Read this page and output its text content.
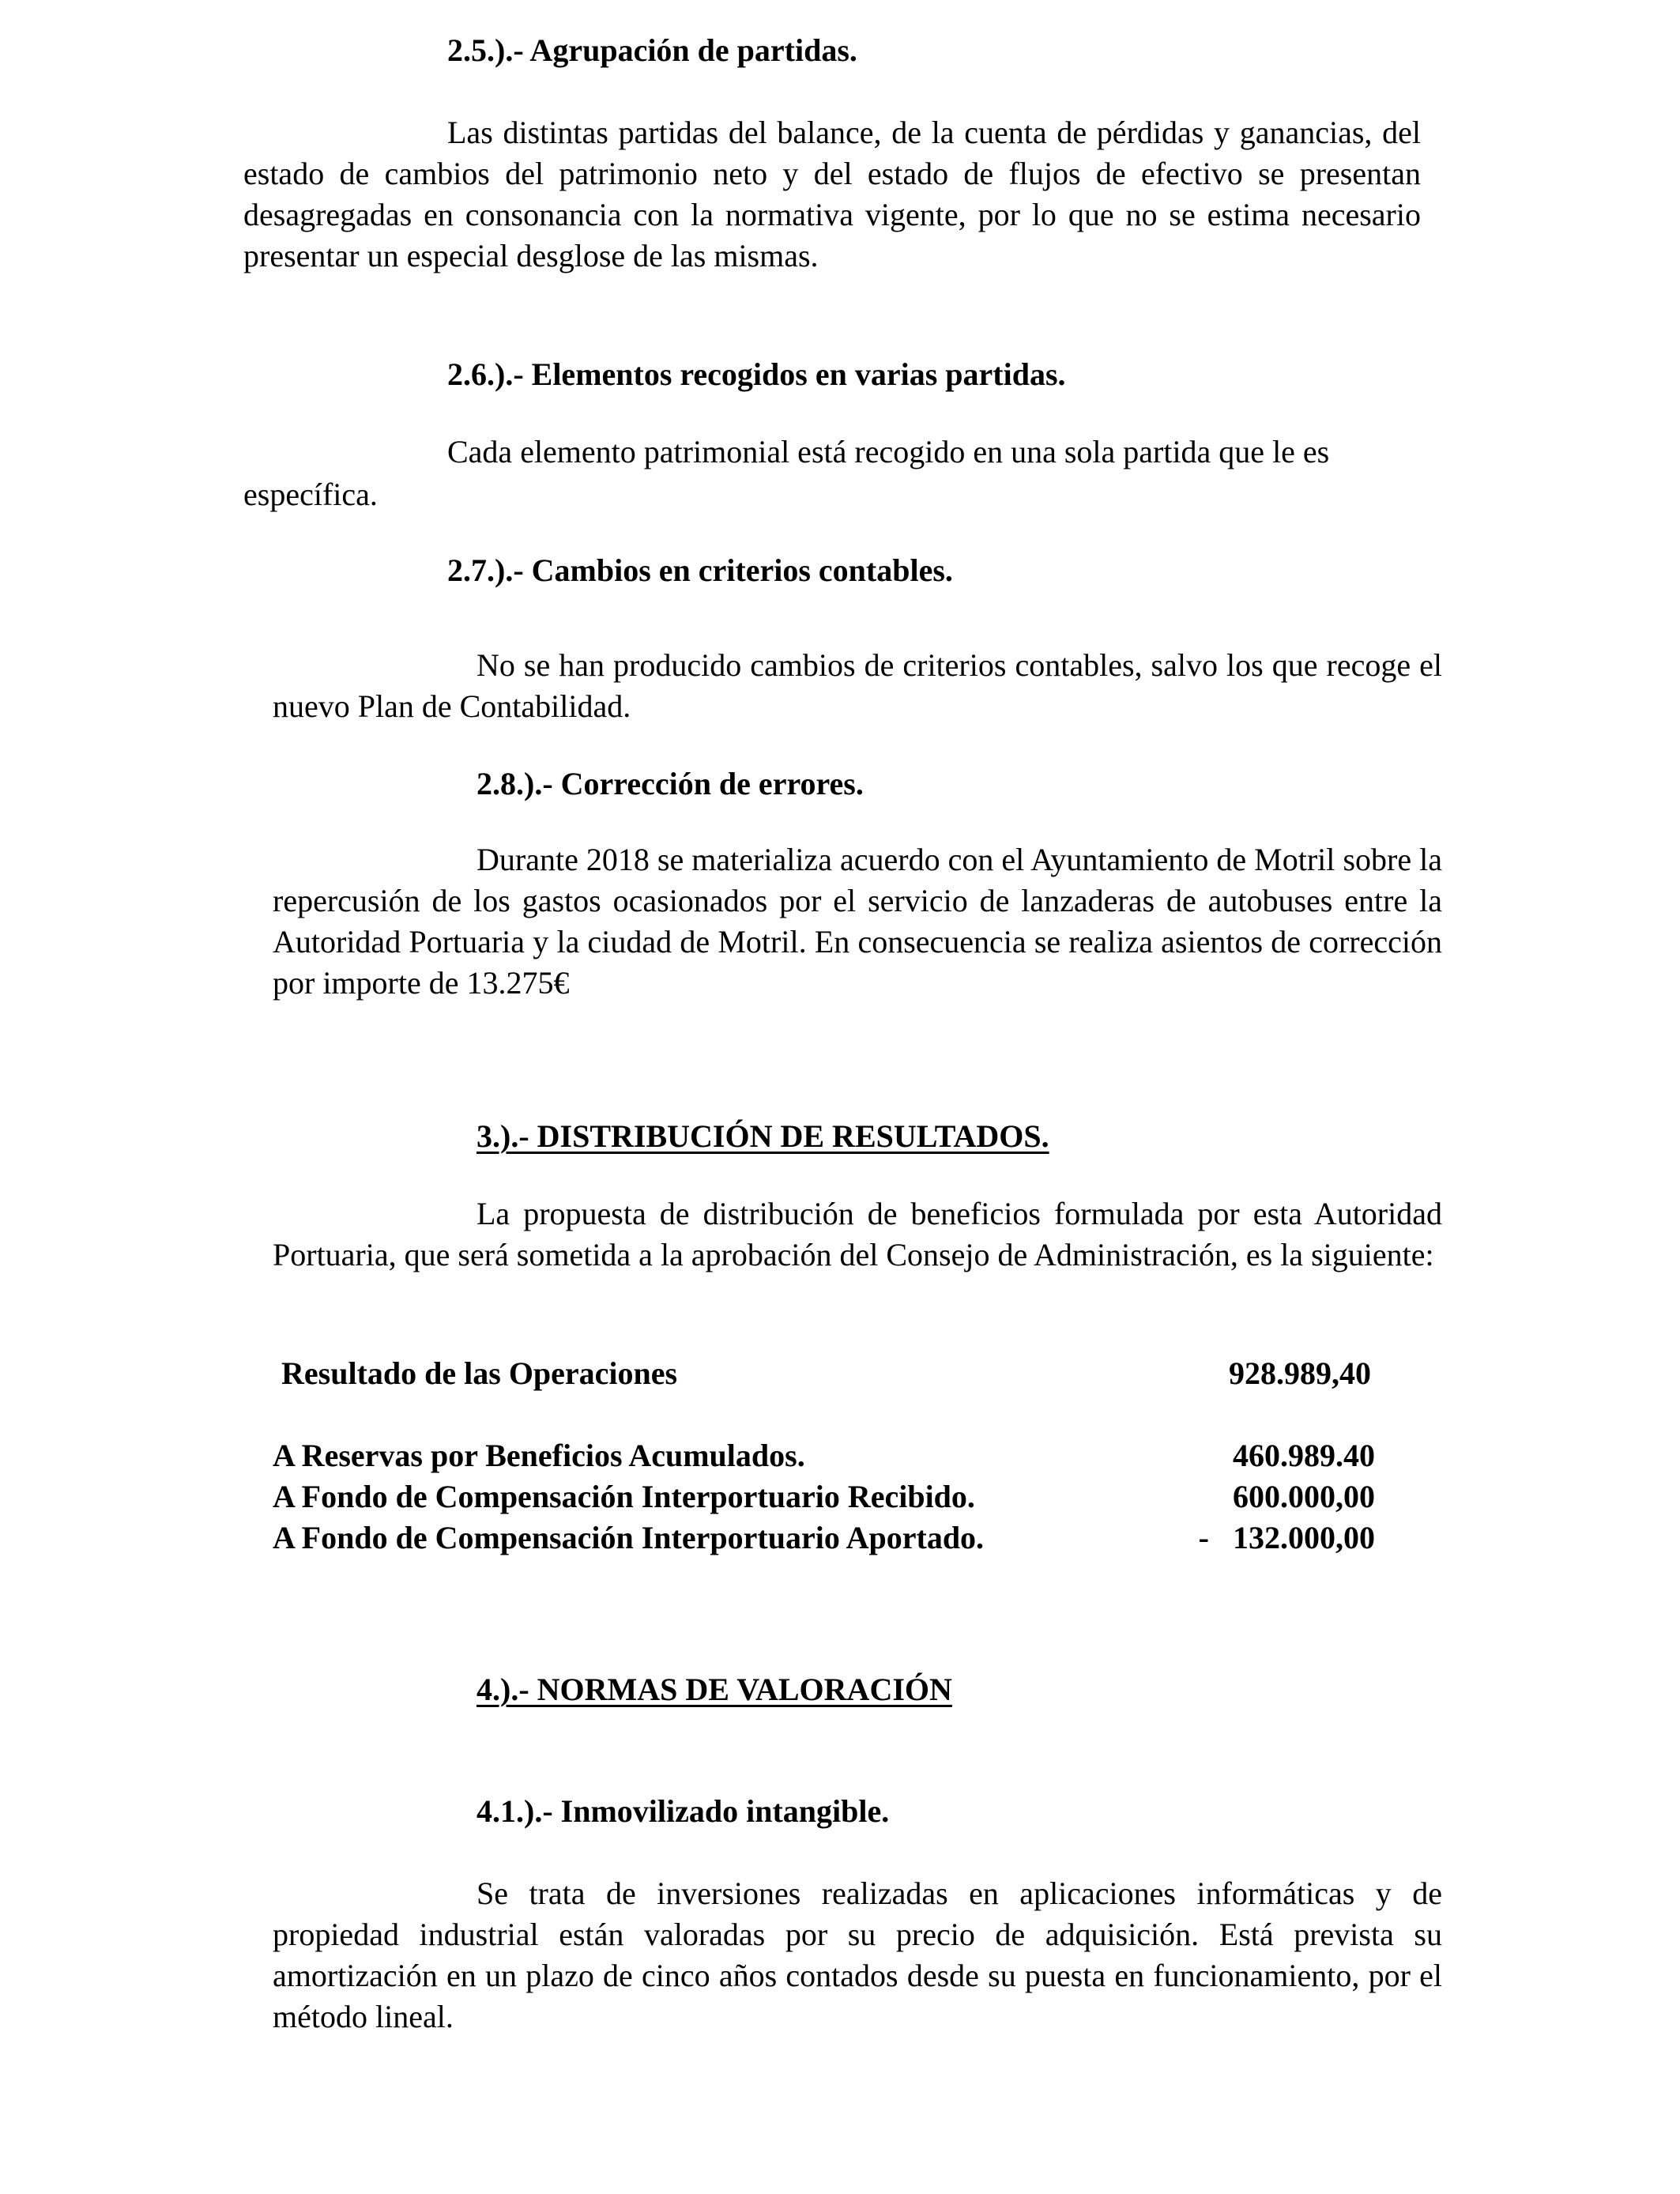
2.5.).- Agrupación de partidas.

Las distintas partidas del balance, de la cuenta de pérdidas y ganancias, del estado de cambios del patrimonio neto y del estado de flujos de efectivo se presentan desagregadas en consonancia con la normativa vigente, por lo que no se estima necesario presentar un especial desglose de las mismas.

2.6.).- Elementos recogidos en varias partidas.
Cada elemento patrimonial está recogido en una sola partida que le es
específica.
2.7.).- Cambios en criterios contables.

No se han producido cambios de criterios contables, salvo los que recoge el nuevo Plan de Contabilidad.

2.8.).- Corrección de errores.

Durante 2018 se materializa acuerdo con el Ayuntamiento de Motril sobre la repercusión de los gastos ocasionados por el servicio de lanzaderas de autobuses entre la Autoridad Portuaria y la ciudad de Motril. En consecuencia se realiza asientos de corrección por importe de 13.275€

3.).- DISTRIBUCIÓN DE RESULTADOS.

La propuesta de distribución de beneficios formulada por esta Autoridad Portuaria, que será sometida a la aprobación del Consejo de Administración, es la siguiente:

Resultado de las Operaciones	928.989,40
A Reservas por Beneficios Acumulados.	460.989.40
A Fondo de Compensación Interportuario Recibido.	600.000,00
A Fondo de Compensación Interportuario Aportado.	-   132.000,00
4.).- NORMAS DE VALORACIÓN
4.1.).- Inmovilizado intangible.

Se trata de inversiones realizadas en aplicaciones informáticas y de propiedad industrial están valoradas por su precio de adquisición. Está prevista su amortización en un plazo de cinco años contados desde su puesta en funcionamiento, por el método lineal.
